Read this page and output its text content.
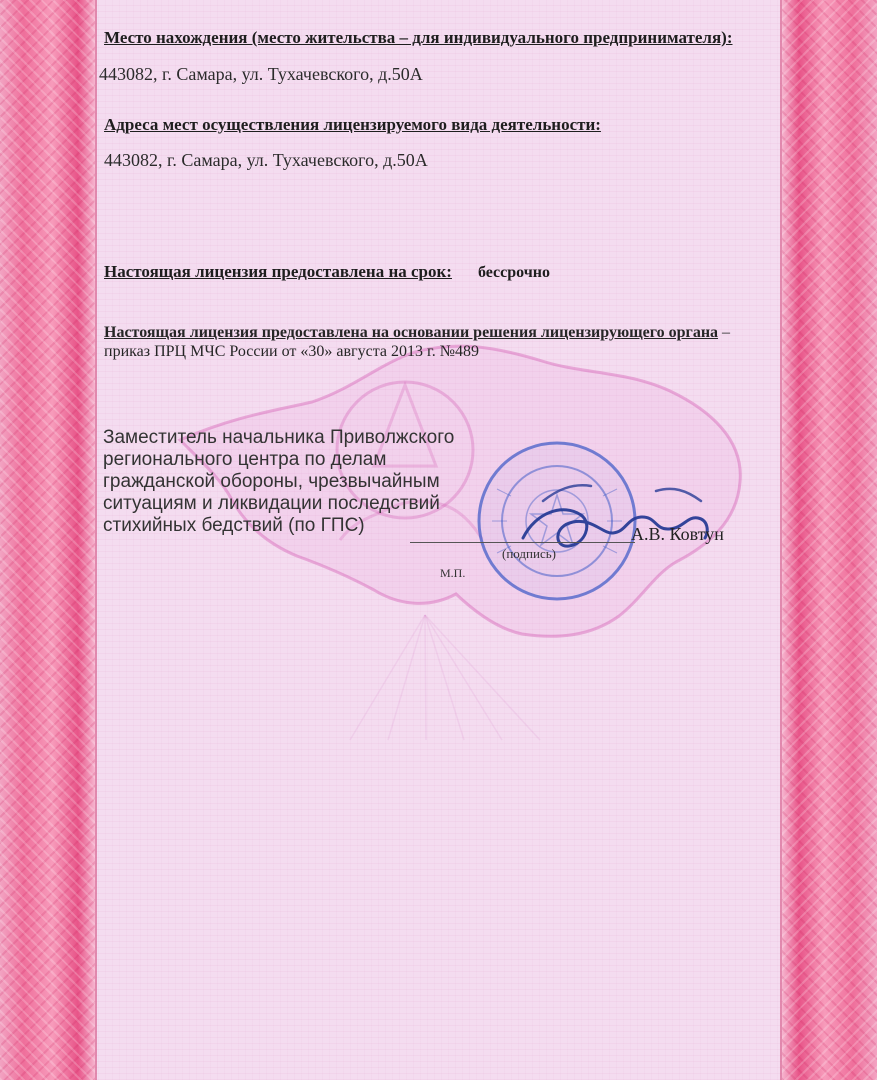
Место нахождения (место жительства – для индивидуального предпринимателя):
443082, г. Самара, ул. Тухачевского, д.50А
Адреса мест осуществления лицензируемого вида деятельности:
443082, г. Самара, ул. Тухачевского, д.50А
Настоящая лицензия предоставлена на срок: бессрочно
Настоящая лицензия предоставлена на основании решения лицензирующего органа – приказ ПРЦ МЧС России от «30» августа 2013 г. №489
Заместитель начальника Приволжского
регионального центра по делам
гражданской обороны, чрезвычайным
ситуациям и ликвидации последствий
стихийных бедствий (по ГПС)
(подпись)
А.В. Ковтун
М.П.
